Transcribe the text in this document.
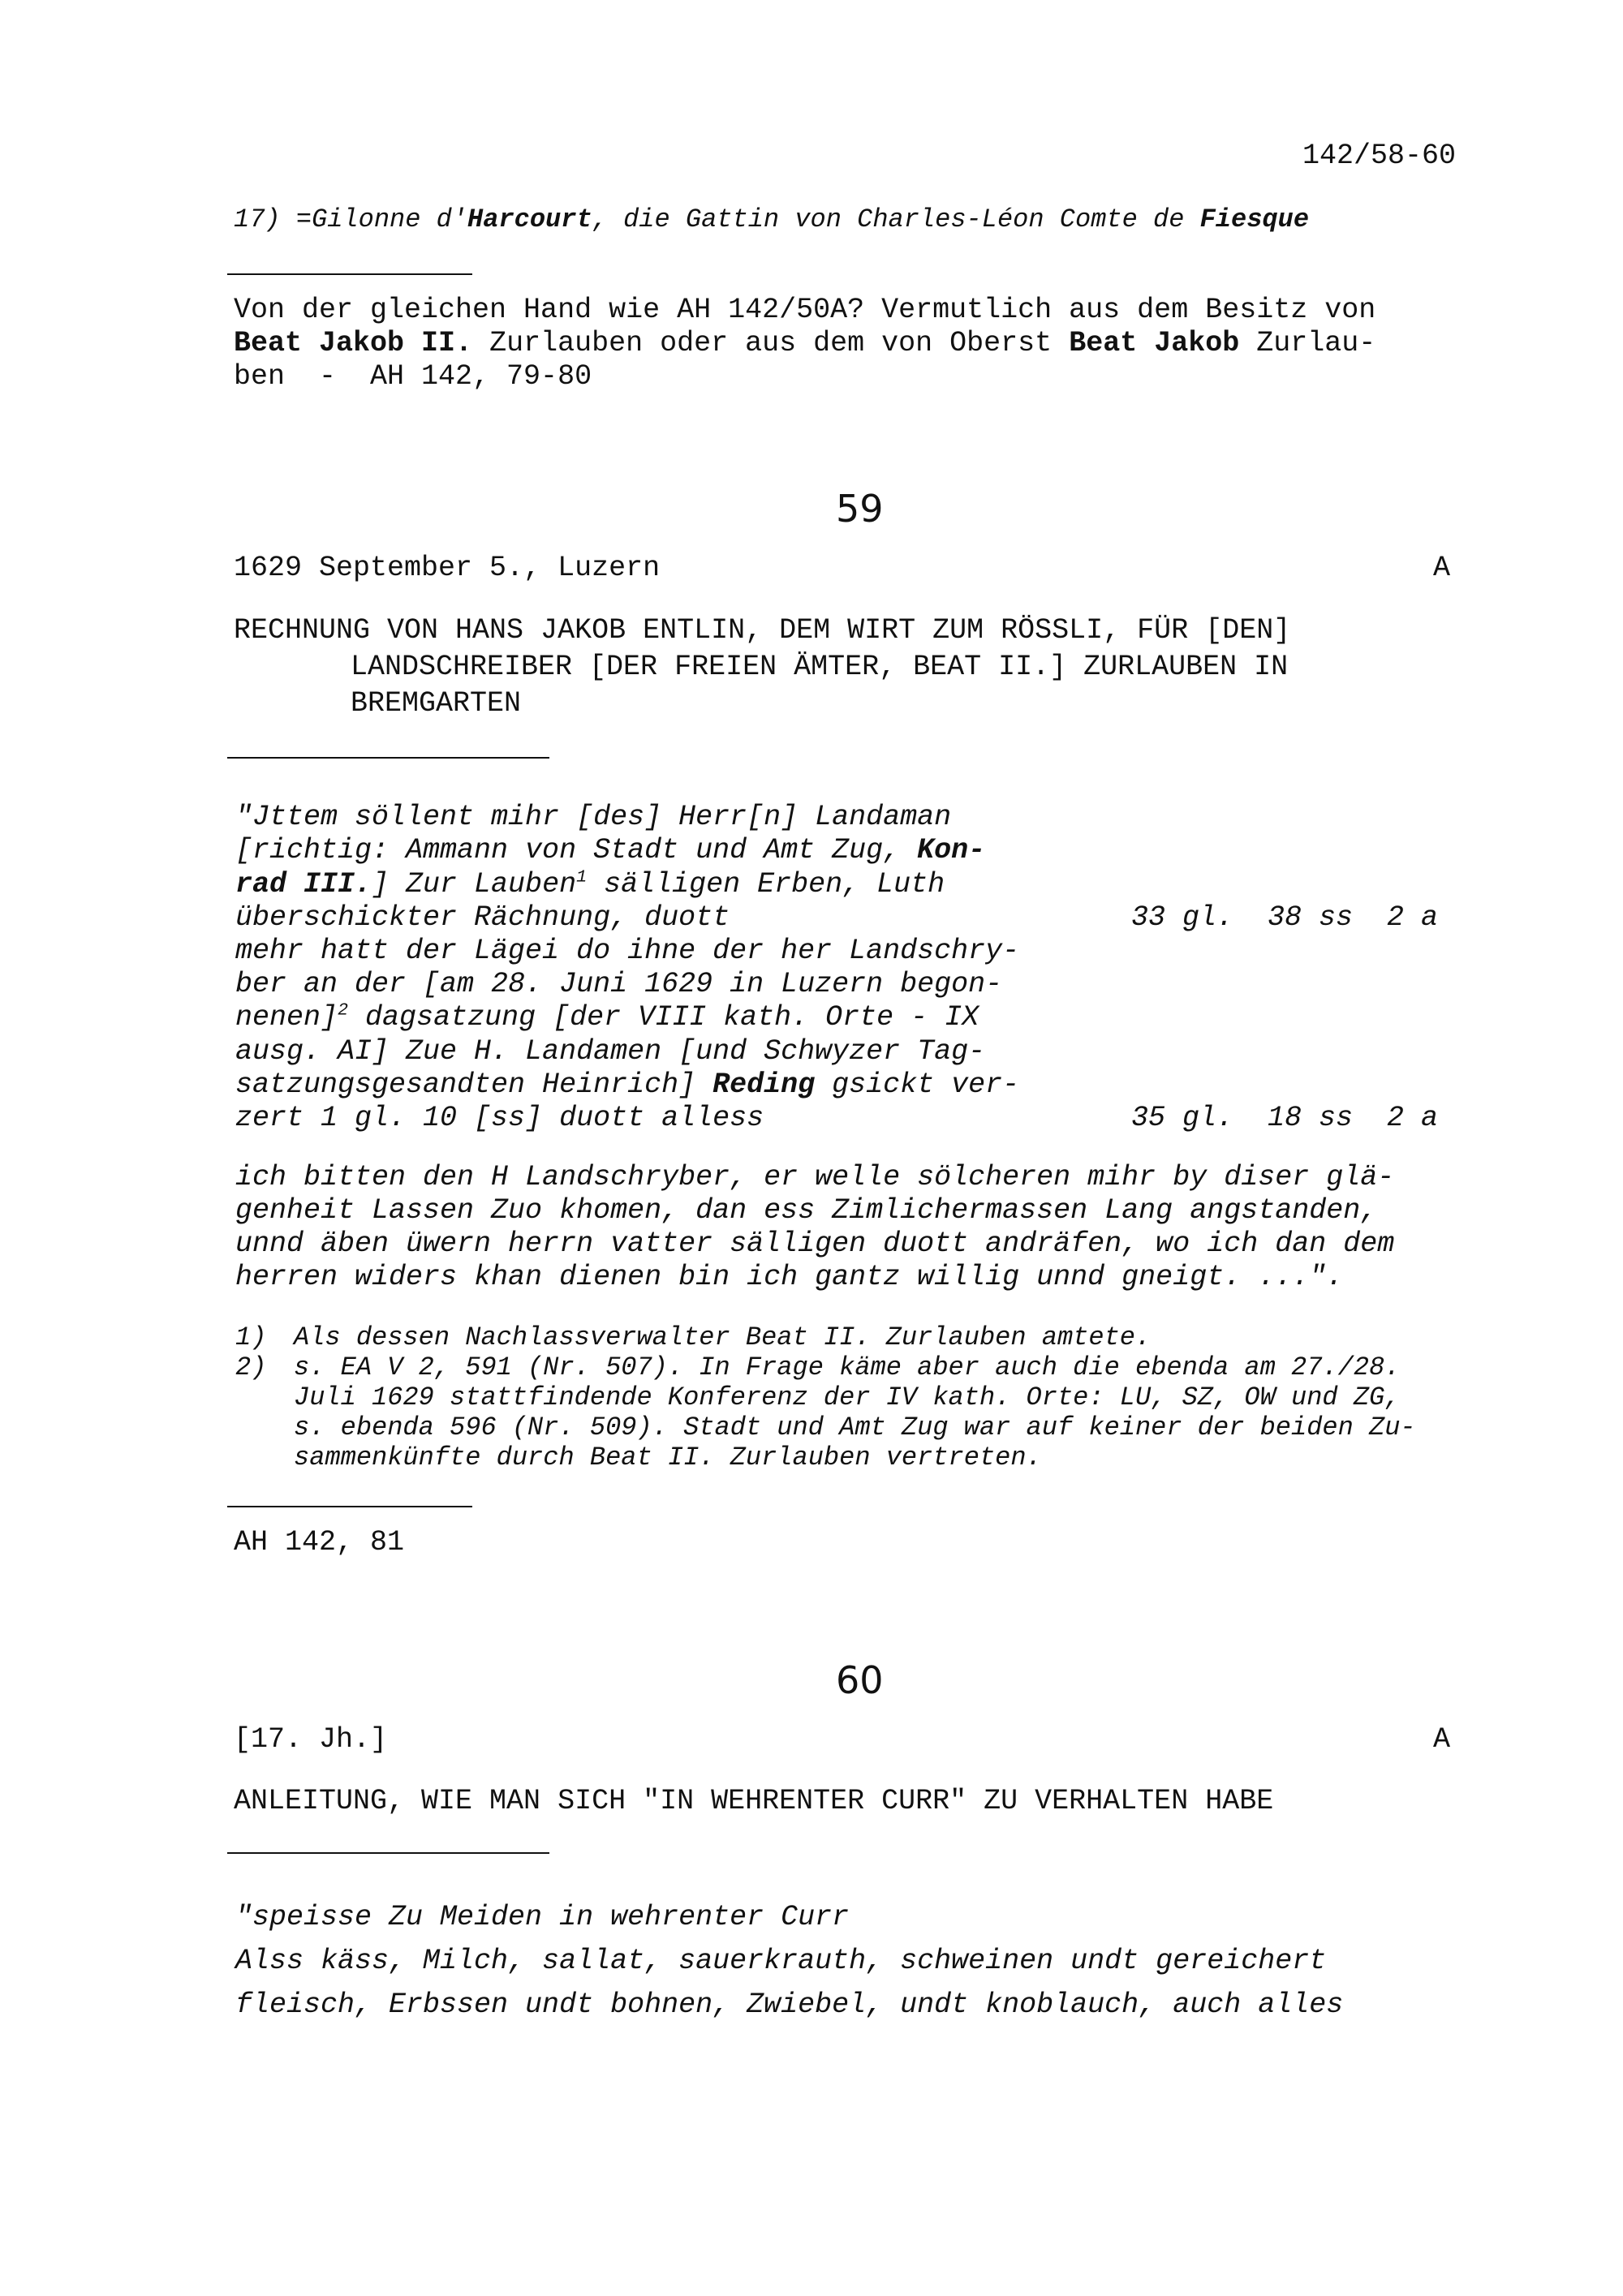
142/58-60
17) =Gilonne d'Harcourt, die Gattin von Charles-Léon Comte de Fiesque
Von der gleichen Hand wie AH 142/50A? Vermutlich aus dem Besitz von
Beat Jakob II. Zurlauben oder aus dem von Oberst Beat Jakob Zurlau-
ben  -  AH 142, 79-80
59
1629 September 5., Luzern	A
RECHNUNG VON HANS JAKOB ENTLIN, DEM WIRT ZUM RÖSSLI, FÜR [DEN]
LANDSCHREIBER [DER FREIEN ÄMTER, BEAT II.] ZURLAUBEN IN
BREMGARTEN
"Jttem söllent mihr [des] Herr[n] Landaman
[richtig: Ammann von Stadt und Amt Zug, Kon-
rad III.] Zur Lauben$^1$ sälligen Erben, Luth
überschickter Rächnung, duott	33 gl.  38 ss  2 a
mehr hatt der Lägei do ihne der her Landschry-
ber an der [am 28. Juni 1629 in Luzern begon-
nenen]$^2$ dagsatzung [der VIII kath. Orte - IX
ausg. AI] Zue H. Landamen [und Schwyzer Tag-
satzungsgesandten Heinrich] Reding gsickt ver-
zert 1 gl. 10 [ss] duott alless	35 gl.  18 ss  2 a
ich bitten den H Landschryber, er welle sölcheren mihr by diser glä-
genheit Lassen Zuo khomen, dan ess Zimlichermassen Lang angstanden,
unnd äben üwern herrn vatter sälligen duott andräfen, wo ich dan dem
herren widers khan dienen bin ich gantz willig unnd gneigt. ...".
1) Als dessen Nachlassverwalter Beat II. Zurlauben amtete.
2) s. EA V 2, 591 (Nr. 507). In Frage käme aber auch die ebenda am 27./28.
Juli 1629 stattfindende Konferenz der IV kath. Orte: LU, SZ, OW und ZG,
s. ebenda 596 (Nr. 509). Stadt und Amt Zug war auf keiner der beiden Zu-
sammenkünfte durch Beat II. Zurlauben vertreten.
AH 142, 81
60
[17. Jh.]	A
ANLEITUNG, WIE MAN SICH "IN WEHRENTER CURR" ZU VERHALTEN HABE
"speisse Zu Meiden in wehrenter Curr
Alss käss, Milch, sallat, sauerkrauth, schweinen undt gereichert
fleisch, Erbssen undt bohnen, Zwiebel, undt knoblauch, auch alles
